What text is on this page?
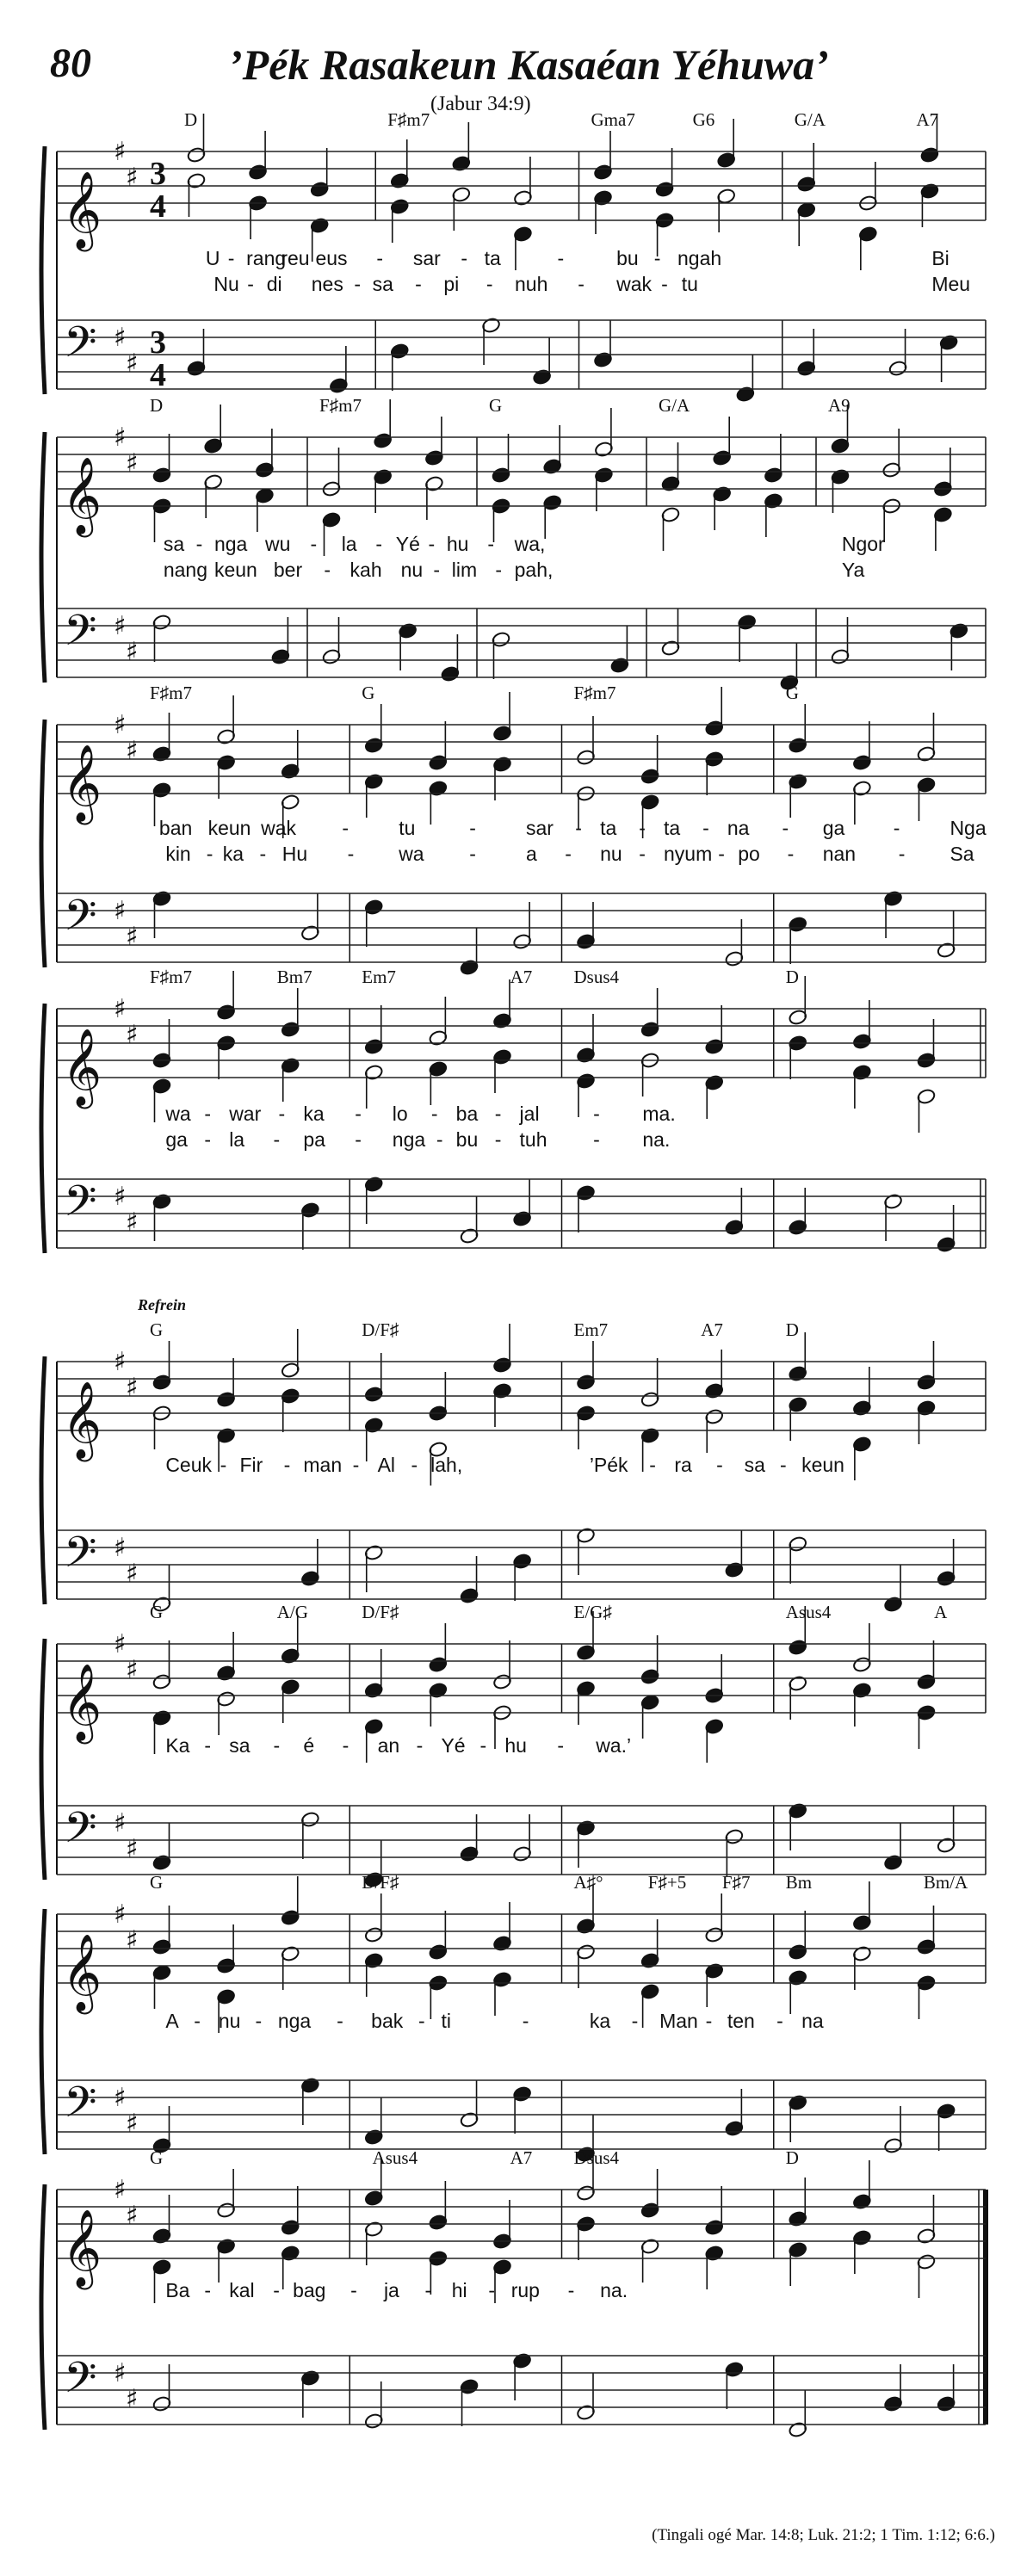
80	’Pék Rasakeun Kasaéan Yéhuwa’
(Jabur 34:9)
𝄞
𝄢
♯
♯
♯
♯
3
4
3
4
D	F♯m7	Gma7	G6	G/A	A7
U - rang
reu eus - sar - ta	-	bu - ngah	Bi
Nu - di nes - sa - pi - nuh - wak - tu	Meu
𝄞
𝄢
♯
♯
♯
♯
D	F♯m7	G	G/A	A9
sa - nga wu - la - Yé - hu - wa,	Ngor
nang keun ber - kah nu - lim - pah,	Ya
𝄞
𝄢
♯
♯
♯
♯
F♯m7	G	F♯m7	G
ban keun wak -	tu	-	sar - ta - ta - na - ga -	Nga
kin - ka - Hu - wa -	a - nu - nyum - po - nan - Sa
𝄞
𝄢
♯
♯
♯
♯
F♯m7	Bm7	Em7	A7 Dsus4	D
wa - war - ka - lo - ba - jal	- ma.
ga - la - pa - nga - bu - tuh - na.
𝄞
𝄢
♯
♯
♯
♯
Refrein
G	D/F♯	Em7	A7	D
Ceuk - Fir - man - Al - lah,	’Pék - ra - sa - keun
𝄞
𝄢
♯
♯
♯
♯
G	A/G	D/F♯	E/G♯	Asus4	A
Ka - sa - é - an - Yé - hu - wa.’
𝄞
𝄢
♯
♯
♯
♯
G	D/F♯	A♯° F♯+5 F♯7 Bm	Bm/A
A - nu - nga - bak - ti	-	ka - Man - ten - na
𝄞
𝄢
♯
♯
♯
♯
G	Asus4	A7 Dsus4	D
Ba - kal - bag - ja - hi - rup - na.
(Tingali ogé Mar. 14:8; Luk. 21:2; 1 Tim. 1:12; 6:6.)
